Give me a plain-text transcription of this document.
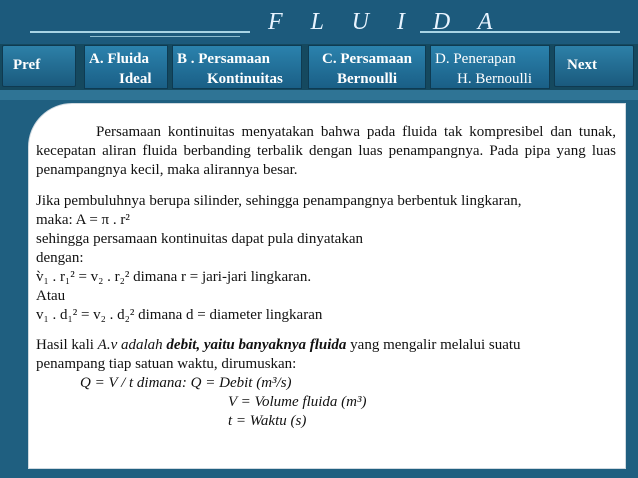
F L U I D A
Pref	A. Fluida
Ideal
B . Persamaan
Kontinuitas
C. Persamaan
Bernoulli
D. Penerapan
H. Bernoulli
Next

Persamaan kontinuitas menyatakan bahwa pada fluida tak kompresibel dan tunak, kecepatan aliran fluida berbanding terbalik dengan luas penampangnya. Pada pipa yang luas penampangnya kecil, maka alirannya besar.

Jika pembuluhnya berupa silinder, sehingga penampangnya berbentuk lingkaran,

maka: A = π . r²

sehingga persamaan kontinuitas dapat pula dinyatakan

dengan:

v̀₁ . r₁² = v₂ . r₂² dimana r = jari-jari lingkaran.

Atau

v₁ . d₁² = v₂ . d₂² dimana d = diameter lingkaran

Hasil kali A.v adalah debit, yaitu banyaknya fluida yang mengalir melalui suatu

penampang tiap satuan waktu, dirumuskan:

Q = V / t dimana: Q = Debit (m³/s)

V = Volume fluida (m³)

t = Waktu (s)
